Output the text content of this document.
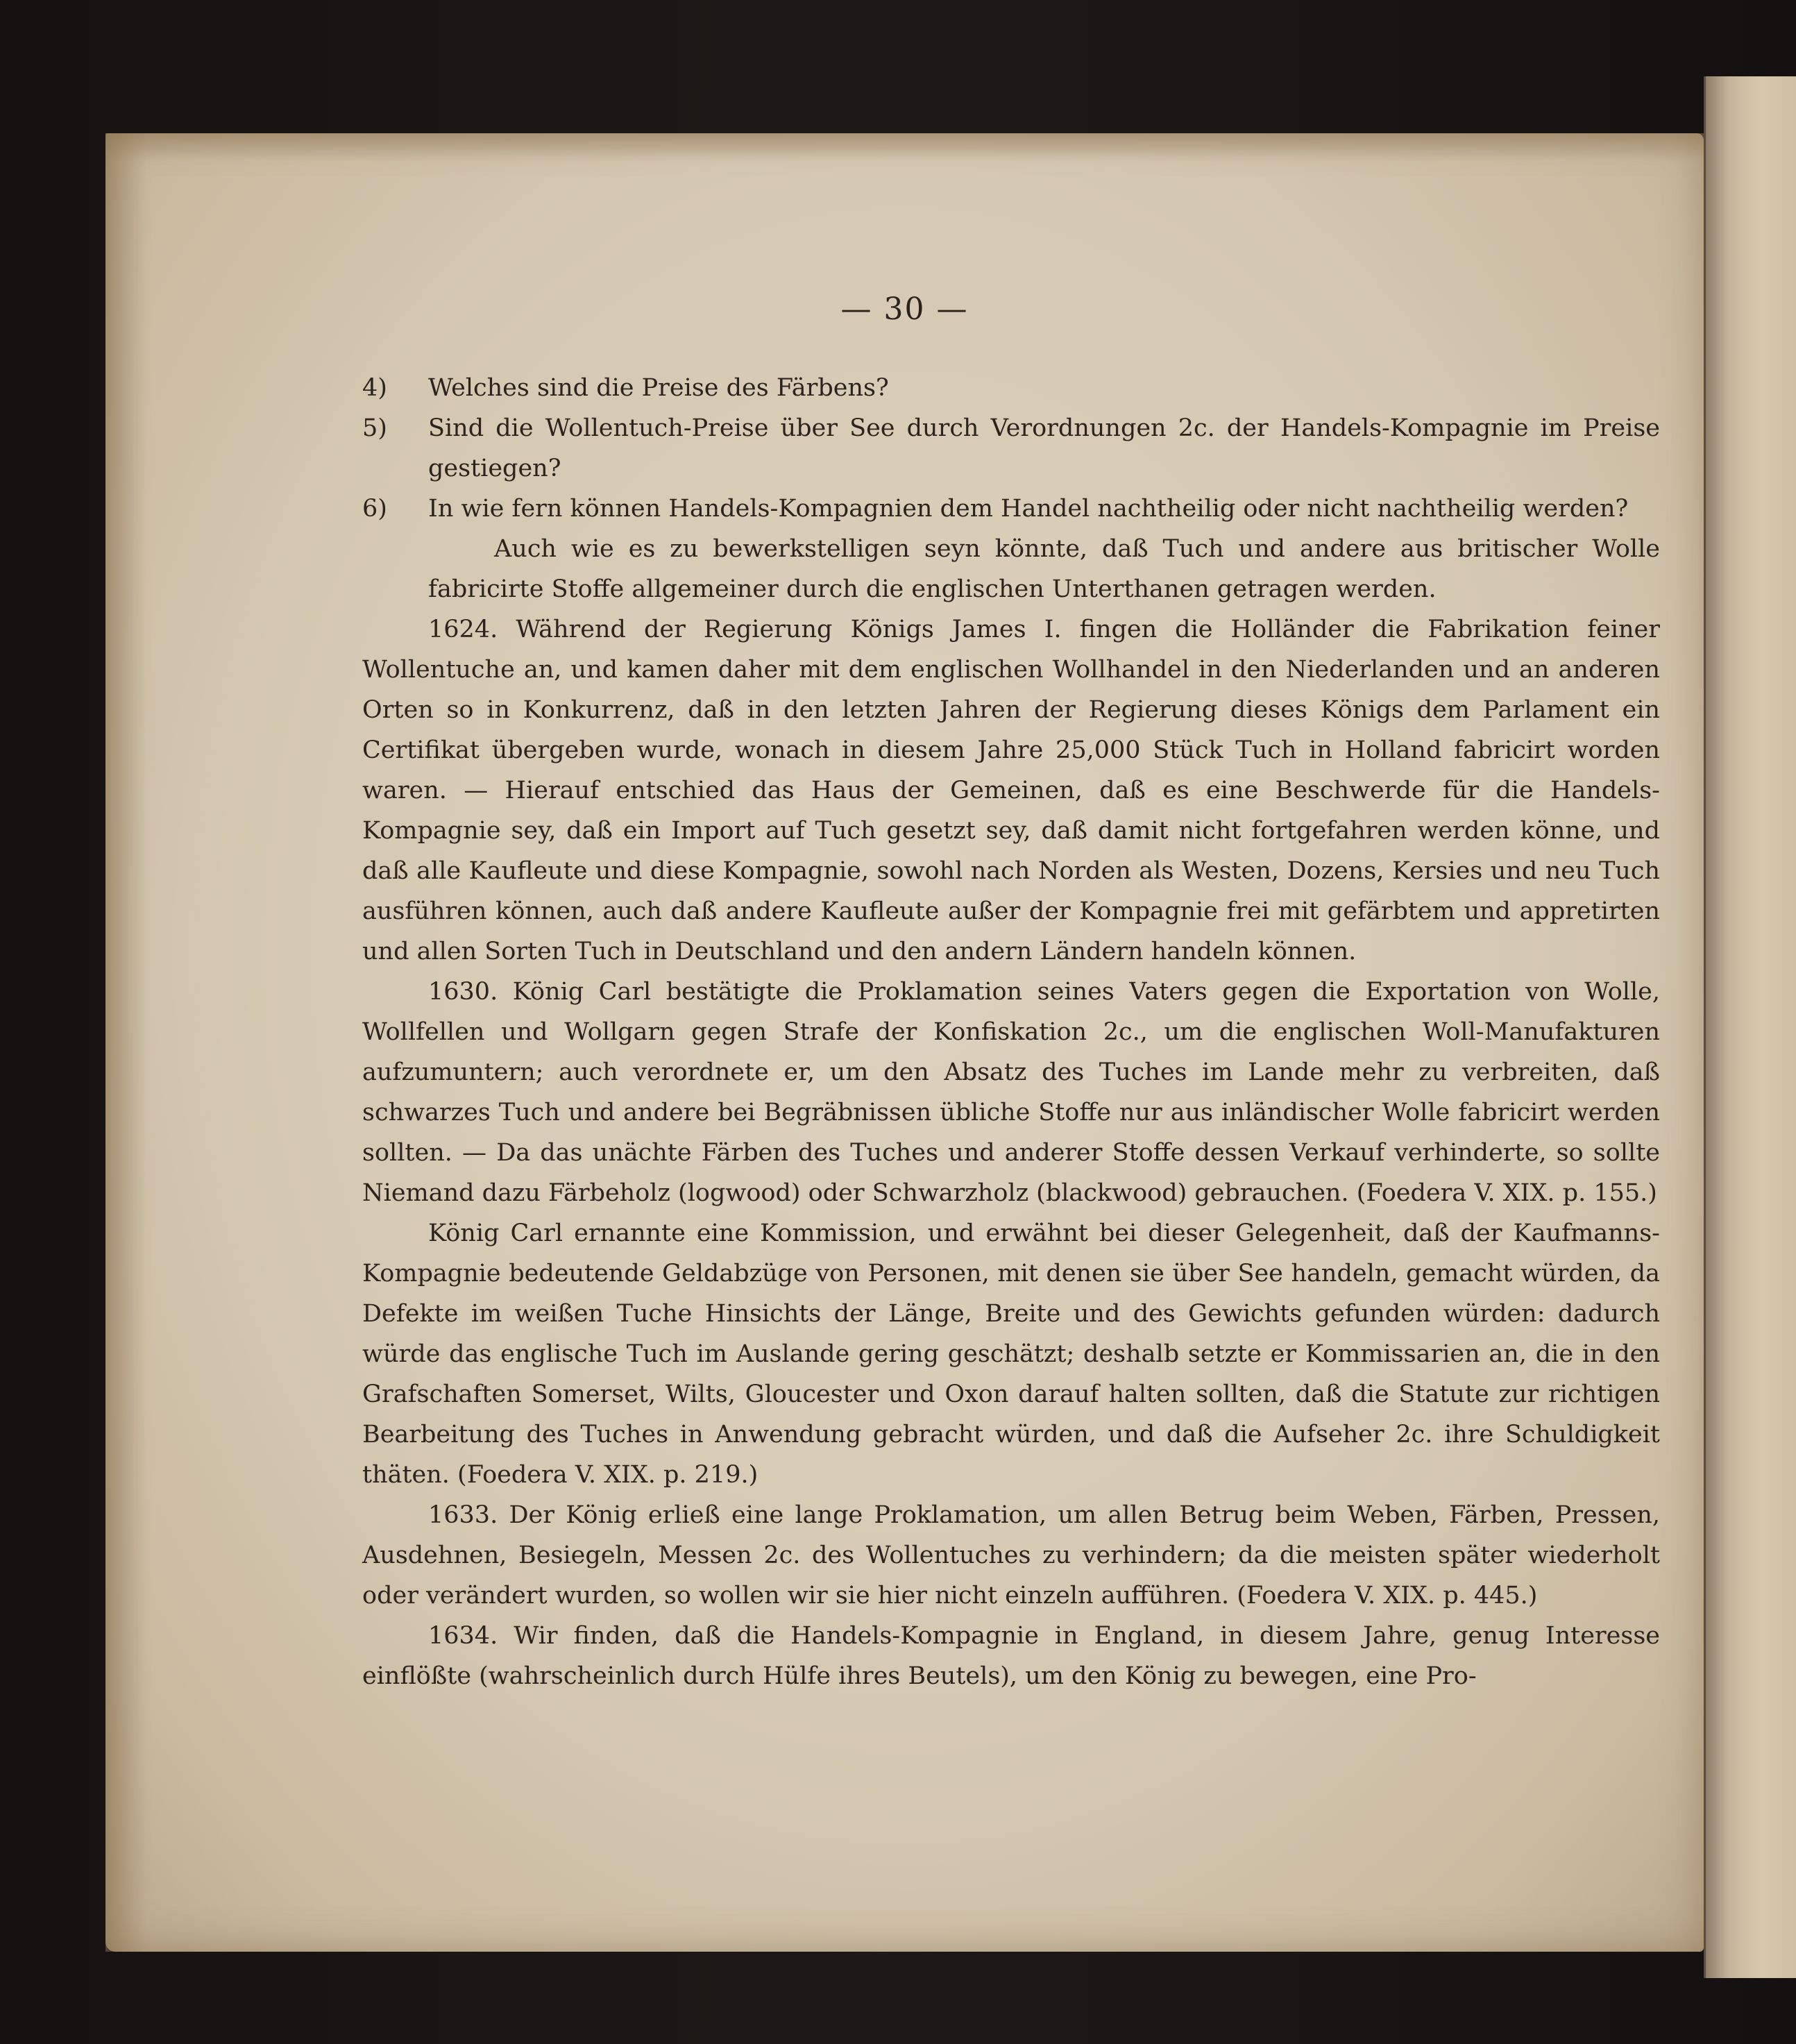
— 30 —

4) Welches sind die Preise des Färbens?

5) Sind die Wollentuch-Preise über See durch Verordnungen 2c. der Handels-Kompagnie im Preise gestiegen?

6) In wie fern können Handels-Kompagnien dem Handel nachtheilig oder nicht nachtheilig werden?

Auch wie es zu bewerkstelligen seyn könnte, daß Tuch und andere aus britischer Wolle fabricirte Stoffe allgemeiner durch die englischen Unterthanen getragen werden.

1624. Während der Regierung Königs James I. fingen die Holländer die Fabrikation feiner Wollentuche an, und kamen daher mit dem englischen Wollhandel in den Niederlanden und an anderen Orten so in Konkurrenz, daß in den letzten Jahren der Regierung dieses Königs dem Parlament ein Certifikat übergeben wurde, wonach in diesem Jahre 25,000 Stück Tuch in Holland fabricirt worden waren. — Hierauf entschied das Haus der Gemeinen, daß es eine Beschwerde für die Handels-Kompagnie sey, daß ein Import auf Tuch gesetzt sey, daß damit nicht fortgefahren werden könne, und daß alle Kaufleute und diese Kompagnie, sowohl nach Norden als Westen, Dozens, Kersies und neu Tuch ausführen können, auch daß andere Kaufleute außer der Kompagnie frei mit gefärbtem und appretirten und allen Sorten Tuch in Deutschland und den andern Ländern handeln können.

1630. König Carl bestätigte die Proklamation seines Vaters gegen die Exportation von Wolle, Wollfellen und Wollgarn gegen Strafe der Konfiskation 2c., um die englischen Woll-Manufakturen aufzumuntern; auch verordnete er, um den Absatz des Tuches im Lande mehr zu verbreiten, daß schwarzes Tuch und andere bei Begräbnissen übliche Stoffe nur aus inländischer Wolle fabricirt werden sollten. — Da das unächte Färben des Tuches und anderer Stoffe dessen Verkauf verhinderte, so sollte Niemand dazu Färbeholz (logwood) oder Schwarzholz (blackwood) gebrauchen. (Foedera V. XIX. p. 155.)

König Carl ernannte eine Kommission, und erwähnt bei dieser Gelegenheit, daß der Kaufmanns-Kompagnie bedeutende Geldabzüge von Personen, mit denen sie über See handeln, gemacht würden, da Defekte im weißen Tuche Hinsichts der Länge, Breite und des Gewichts gefunden würden: dadurch würde das englische Tuch im Auslande gering geschätzt; deshalb setzte er Kommissarien an, die in den Grafschaften Somerset, Wilts, Gloucester und Oxon darauf halten sollten, daß die Statute zur richtigen Bearbeitung des Tuches in Anwendung gebracht würden, und daß die Aufseher 2c. ihre Schuldigkeit thäten. (Foedera V. XIX. p. 219.)

1633. Der König erließ eine lange Proklamation, um allen Betrug beim Weben, Färben, Pressen, Ausdehnen, Besiegeln, Messen 2c. des Wollentuches zu verhindern; da die meisten später wiederholt oder verändert wurden, so wollen wir sie hier nicht einzeln aufführen. (Foedera V. XIX. p. 445.)

1634. Wir finden, daß die Handels-Kompagnie in England, in diesem Jahre, genug Interesse einflößte (wahrscheinlich durch Hülfe ihres Beutels), um den König zu bewegen, eine Pro-
